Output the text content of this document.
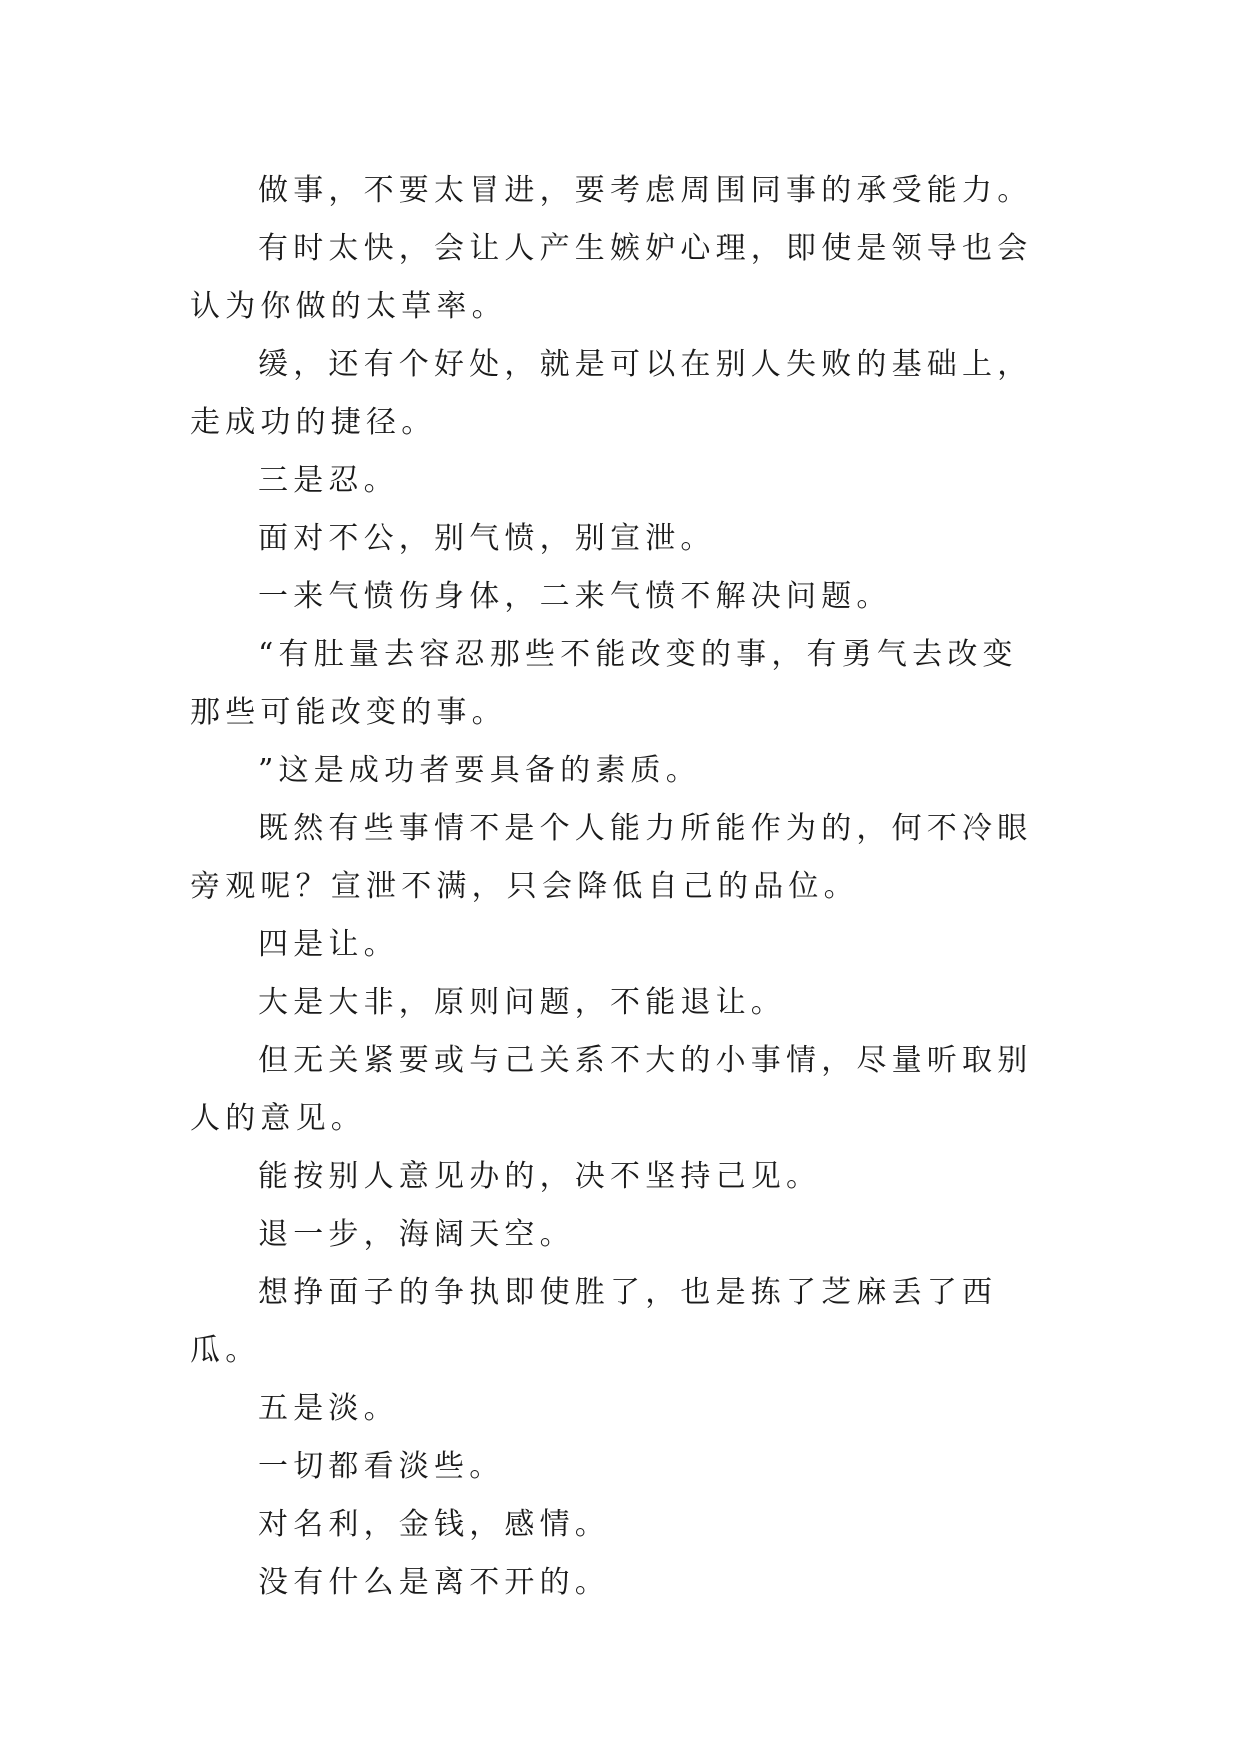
做事，不要太冒进，要考虑周围同事的承受能力。

有时太快，会让人产生嫉妒心理，即使是领导也会认为你做的太草率。

缓，还有个好处，就是可以在别人失败的基础上，走成功的捷径。

三是忍。

面对不公，别气愤，别宣泄。

一来气愤伤身体，二来气愤不解决问题。

“有肚量去容忍那些不能改变的事，有勇气去改变那些可能改变的事。

”这是成功者要具备的素质。

既然有些事情不是个人能力所能作为的，何不冷眼旁观呢？宣泄不满，只会降低自己的品位。

四是让。

大是大非，原则问题，不能退让。

但无关紧要或与己关系不大的小事情，尽量听取别人的意见。

能按别人意见办的，决不坚持己见。

退一步，海阔天空。

想挣面子的争执即使胜了，也是拣了芝麻丢了西瓜。

五是淡。

一切都看淡些。

对名利，金钱，感情。

没有什么是离不开的。
